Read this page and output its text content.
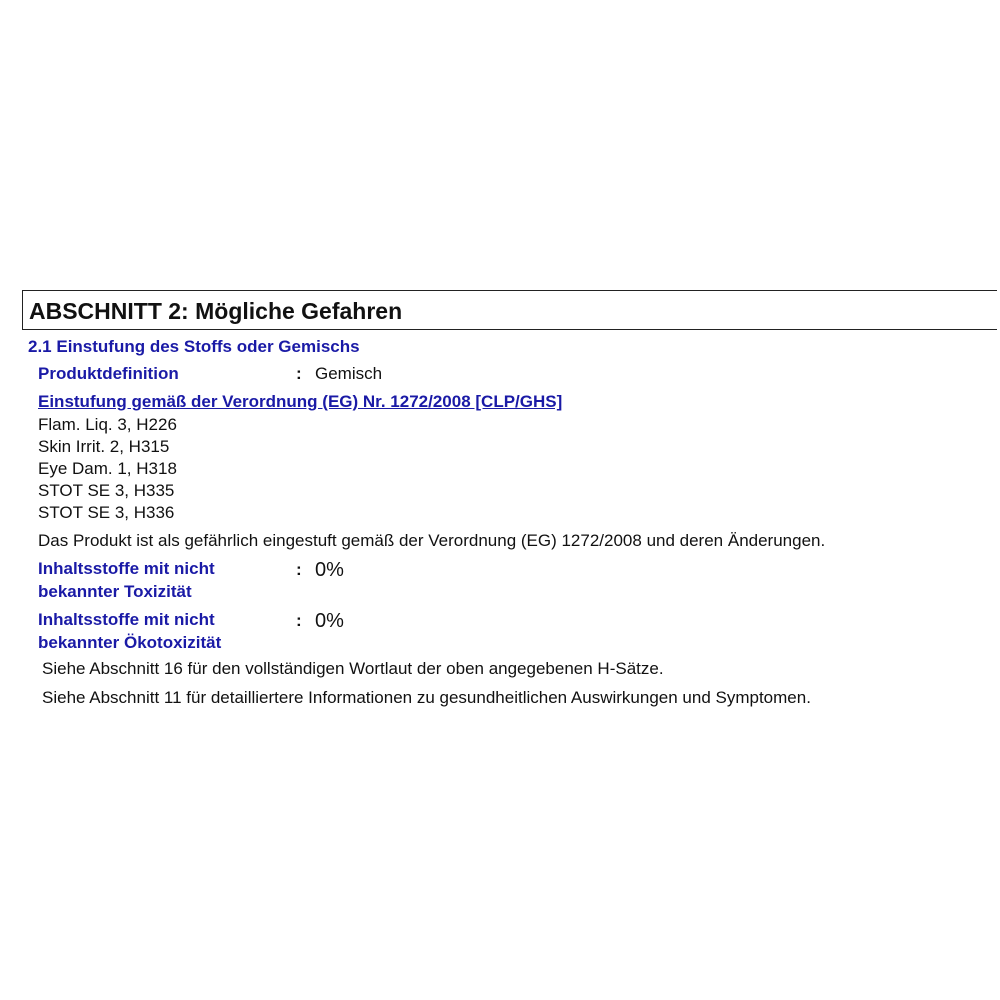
ABSCHNITT 2: Mögliche Gefahren
2.1 Einstufung des Stoffs oder Gemischs
Produktdefinition	: Gemisch
Einstufung gemäß der Verordnung (EG) Nr. 1272/2008 [CLP/GHS]
Flam. Liq. 3, H226
Skin Irrit. 2, H315
Eye Dam. 1, H318
STOT SE 3, H335
STOT SE 3, H336
Das Produkt ist als gefährlich eingestuft gemäß der Verordnung (EG) 1272/2008 und deren Änderungen.
Inhaltsstoffe mit nicht
bekannter Toxizität
: 0%
Inhaltsstoffe mit nicht
bekannter Ökotoxizität
: 0%
Siehe Abschnitt 16 für den vollständigen Wortlaut der oben angegebenen H-Sätze.
Siehe Abschnitt 11 für detailliertere Informationen zu gesundheitlichen Auswirkungen und Symptomen.
